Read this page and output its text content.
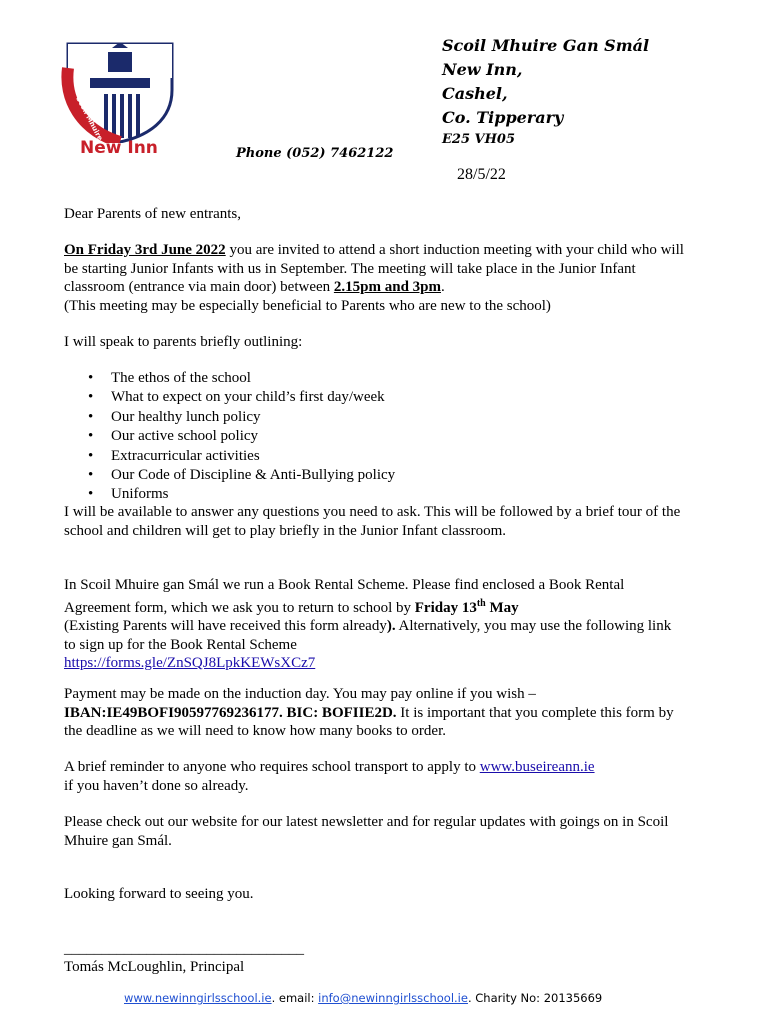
Scoil Mhuire
New Inn
Scoil Mhuire Gan Smál
New Inn,
Cashel,
Co. Tipperary
E25 VH05
Phone (052) 7462122
28/5/22
Dear Parents of new entrants,
On Friday 3rd June 2022 you are invited to attend a short induction meeting with your child who will be starting Junior Infants with us in September. The meeting will take place in the Junior Infant classroom (entrance via main door) between 2.15pm and 3pm.
(This meeting may be especially beneficial to Parents who are new to the school)
I will speak to parents briefly outlining:
• The ethos of the school
• What to expect on your child’s first day/week
• Our healthy lunch policy
• Our active school policy
• Extracurricular activities
• Our Code of Discipline & Anti-Bullying policy
• Uniforms
I will be available to answer any questions you need to ask. This will be followed by a brief tour of the school and children will get to play briefly in the Junior Infant classroom.
In Scoil Mhuire gan Smál we run a Book Rental Scheme. Please find enclosed a Book Rental Agreement form, which we ask you to return to school by Friday 13th May
(Existing Parents will have received this form already). Alternatively, you may use the following link to sign up for the Book Rental Scheme
https://forms.gle/ZnSQJ8LpkKEWsXCz7
Payment may be made on the induction day. You may pay online if you wish –
IBAN:IE49BOFI90597769236177. BIC: BOFIIE2D. It is important that you complete this form by the deadline as we will need to know how many books to order.
A brief reminder to anyone who requires school transport to apply to www.buseireann.ie
if you haven’t done so already.
Please check out our website for our latest newsletter and for regular updates with goings on in Scoil Mhuire gan Smál.
Looking forward to seeing you.
________________________________
Tomás McLoughlin, Principal
www.newinngirlsschool.ie. email: info@newinngirlsschool.ie. Charity No: 20135669
